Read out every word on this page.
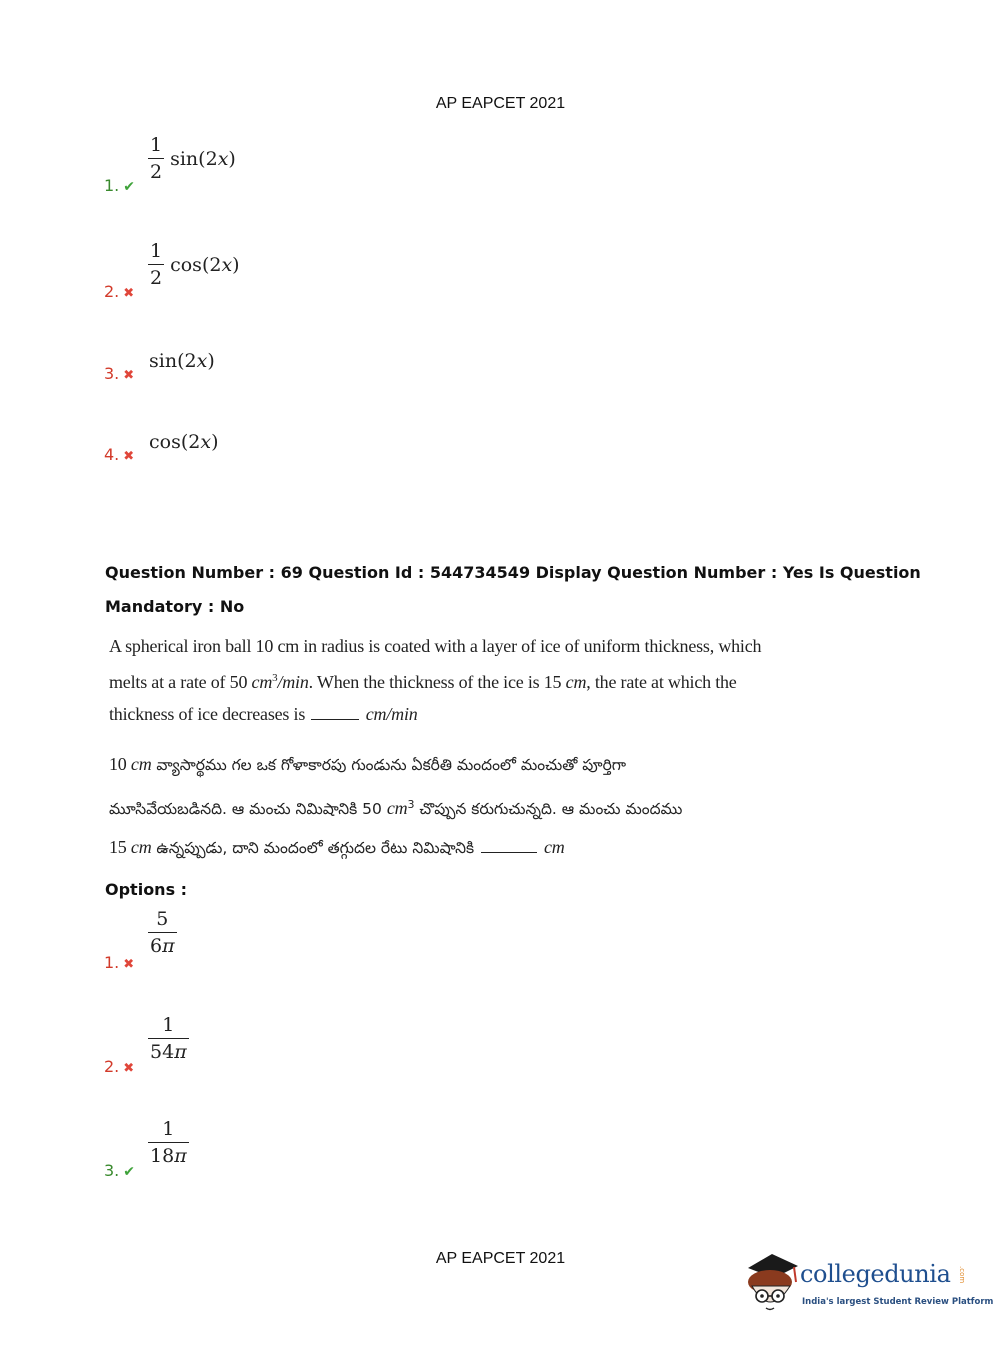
AP EAPCET 2021
1. ✔
$\frac{1}{2} \sin(2x)$
2. ✖
$\frac{1}{2} \cos(2x)$
3. ✖
sin(2x)
4. ✖
cos(2x)
Question Number : 69 Question Id : 544734549 Display Question Number : Yes Is Question
Mandatory : No
A spherical iron ball 10 cm in radius is coated with a layer of ice of uniform thickness, which
melts at a rate of 50 $cm^3/\min$. When the thickness of the ice is 15 cm, the rate at which the
thickness of ice decreases is	cm/min
10 cm వ్యాసార్థము గల ఒక గోళాకారపు గుండును ఏకరీతి మందంలో మంచుతో పూర్తిగా
మూసివేయబడినది. ఆ మంచు నిమిషానికి 50 $cm^3$ చొప్పున కరుగుచున్నది. ఆ మంచు మందము
15 cm ఉన్నప్పుడు, దాని మందంలో తగ్గుదల రేటు నిమిషానికి	cm
Options :
1. ✖
$\frac{5}{6\pi}$
2. ✖
$\frac{1}{54\pi}$
3. ✔
$\frac{1}{18\pi}$
AP EAPCET 2021
collegedunia .com
India's largest Student Review Platform
